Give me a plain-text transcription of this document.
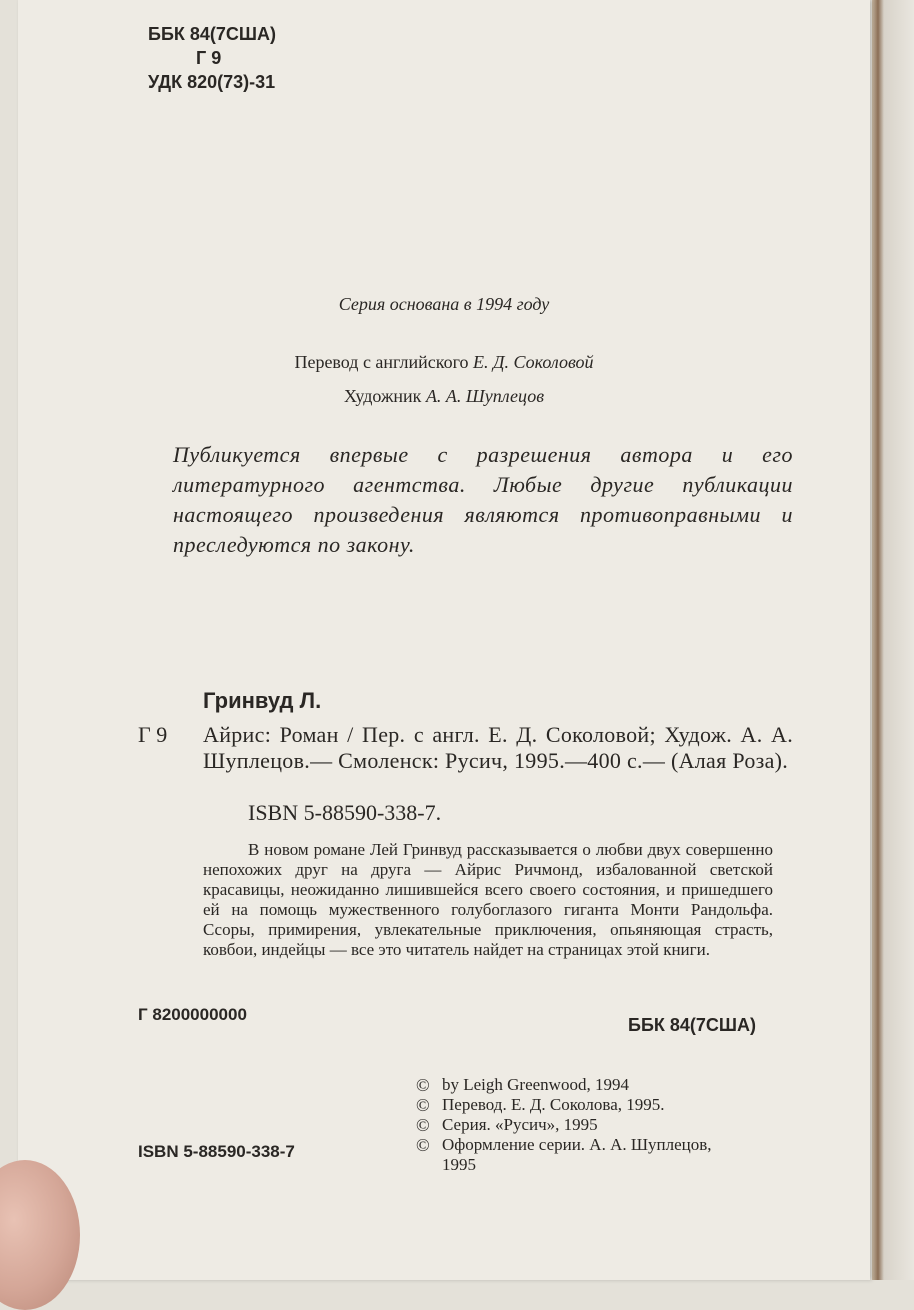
ББК 84(7США)
Г 9
УДК 820(73)-31
Серия основана в 1994 году
Перевод с английского Е. Д. Соколовой
Художник А. А. Шуплецов
Публикуется впервые с разрешения автора и его литературного агентства. Любые другие публикации настоящего произведения являются противоправными и преследуются по закону.
Гринвуд Л.
Г 9 Айрис: Роман / Пер. с англ. Е. Д. Соколовой; Худож. А. А. Шуплецов.— Смоленск: Русич, 1995.—400 с.— (Алая Роза).
ISBN 5-88590-338-7.

В новом романе Лей Гринвуд рассказывается о любви двух совершенно непохожих друг на друга — Айрис Ричмонд, избалованной светской красавицы, неожиданно лишившейся всего своего состояния, и пришедшего ей на помощь мужественного голубоглазого гиганта Монти Рандольфа. Ссоры, примирения, увлекательные приключения, опьяняющая страсть, ковбои, индейцы — все это читатель найдет на страницах этой книги.

Г 8200000000
ББК 84(7США)
© by Leigh Greenwood, 1994
© Перевод. Е. Д. Соколова, 1995.
© Серия. «Русич», 1995
© Оформление серии. А. А. Шуплецов,
1995
ISBN 5-88590-338-7
